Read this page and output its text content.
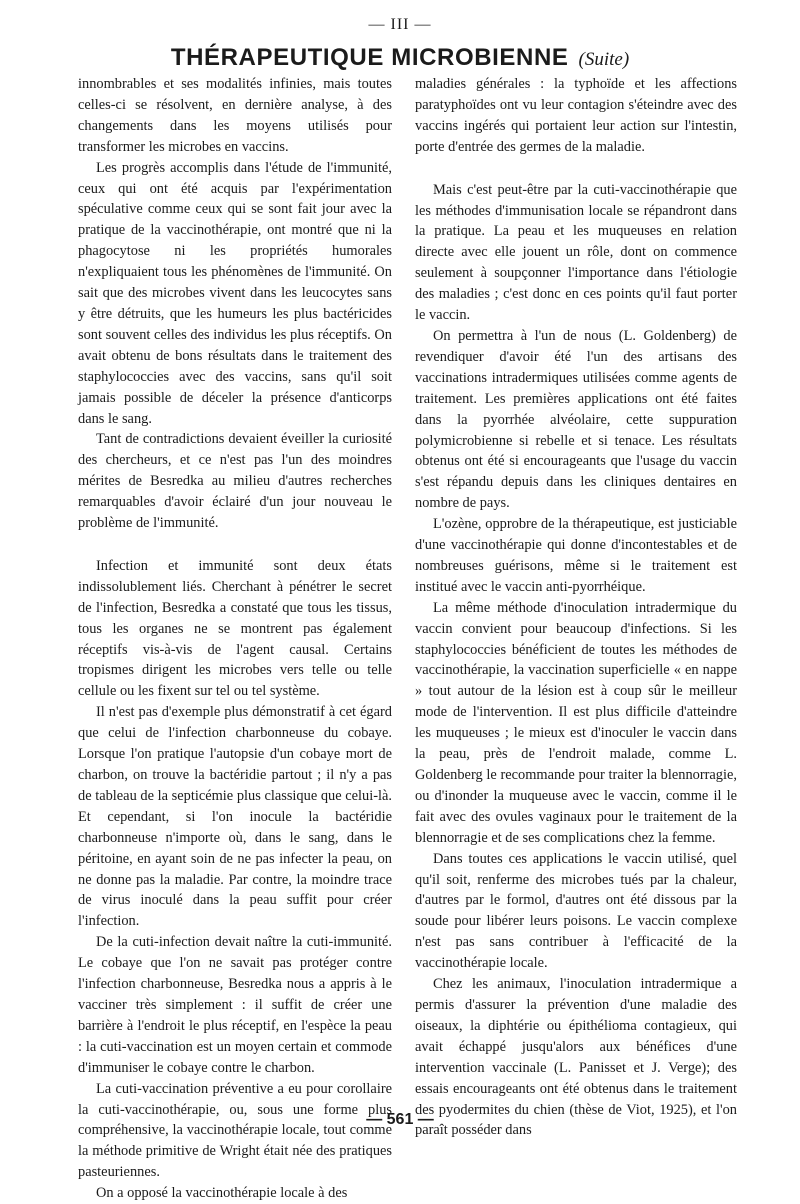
— III —
THÉRAPEUTIQUE MICROBIENNE (Suite)

innombrables et ses modalités infinies, mais toutes celles-ci se résolvent, en dernière analyse, à des changements dans les moyens utilisés pour transformer les microbes en vaccins.

Les progrès accomplis dans l'étude de l'immunité, ceux qui ont été acquis par l'expérimentation spéculative comme ceux qui se sont fait jour avec la pratique de la vaccinothérapie, ont montré que ni la phagocytose ni les propriétés humorales n'expliquaient tous les phénomènes de l'immunité. On sait que des microbes vivent dans les leucocytes sans y être détruits, que les humeurs les plus bactéricides sont souvent celles des individus les plus réceptifs. On avait obtenu de bons résultats dans le traitement des staphylococcies avec des vaccins, sans qu'il soit jamais possible de déceler la présence d'anticorps dans le sang.

Tant de contradictions devaient éveiller la curiosité des chercheurs, et ce n'est pas l'un des moindres mérites de Besredka au milieu d'autres recherches remarquables d'avoir éclairé d'un jour nouveau le problème de l'immunité.

Infection et immunité sont deux états indissolublement liés. Cherchant à pénétrer le secret de l'infection, Besredka a constaté que tous les tissus, tous les organes ne se montrent pas également réceptifs vis-à-vis de l'agent causal. Certains tropismes dirigent les microbes vers telle ou telle cellule ou les fixent sur tel ou tel système.

Il n'est pas d'exemple plus démonstratif à cet égard que celui de l'infection charbonneuse du cobaye. Lorsque l'on pratique l'autopsie d'un cobaye mort de charbon, on trouve la bactéridie partout ; il n'y a pas de tableau de la septicémie plus classique que celui-là. Et cependant, si l'on inocule la bactéridie charbonneuse n'importe où, dans le sang, dans le péritoine, en ayant soin de ne pas infecter la peau, on ne donne pas la maladie. Par contre, la moindre trace de virus inoculé dans la peau suffit pour créer l'infection.

De la cuti-infection devait naître la cuti-immunité. Le cobaye que l'on ne savait pas protéger contre l'infection charbonneuse, Besredka nous a appris à le vacciner très simplement : il suffit de créer une barrière à l'endroit le plus réceptif, en l'espèce la peau : la cuti-vaccination est un moyen certain et commode d'immuniser le cobaye contre le charbon.

La cuti-vaccination préventive a eu pour corollaire la cuti-vaccinothérapie, ou, sous une forme plus compréhensive, la vaccinothérapie locale, tout comme la méthode primitive de Wright était née des pratiques pasteuriennes.

On a opposé la vaccinothérapie locale à des

maladies générales : la typhoïde et les affections paratyphoïdes ont vu leur contagion s'éteindre avec des vaccins ingérés qui portaient leur action sur l'intestin, porte d'entrée des germes de la maladie.

Mais c'est peut-être par la cuti-vaccinothérapie que les méthodes d'immunisation locale se répandront dans la pratique. La peau et les muqueuses en relation directe avec elle jouent un rôle, dont on commence seulement à soupçonner l'importance dans l'étiologie des maladies ; c'est donc en ces points qu'il faut porter le vaccin.

On permettra à l'un de nous (L. Goldenberg) de revendiquer d'avoir été l'un des artisans des vaccinations intradermiques utilisées comme agents de traitement. Les premières applications ont été faites dans la pyorrhée alvéolaire, cette suppuration polymicrobienne si rebelle et si tenace. Les résultats obtenus ont été si encourageants que l'usage du vaccin s'est répandu depuis dans les cliniques dentaires en nombre de pays.

L'ozène, opprobre de la thérapeutique, est justiciable d'une vaccinothérapie qui donne d'incontestables et de nombreuses guérisons, même si le traitement est institué avec le vaccin anti-pyorrhéique.

La même méthode d'inoculation intradermique du vaccin convient pour beaucoup d'infections. Si les staphylococcies bénéficient de toutes les méthodes de vaccinothérapie, la vaccination superficielle « en nappe » tout autour de la lésion est à coup sûr le meilleur mode de l'intervention. Il est plus difficile d'atteindre les muqueuses ; le mieux est d'inoculer le vaccin dans la peau, près de l'endroit malade, comme L. Goldenberg le recommande pour traiter la blennorragie, ou d'inonder la muqueuse avec le vaccin, comme il le fait avec des ovules vaginaux pour le traitement de la blennorragie et de ses complications chez la femme.

Dans toutes ces applications le vaccin utilisé, quel qu'il soit, renferme des microbes tués par la chaleur, d'autres par le formol, d'autres ont été dissous par la soude pour libérer leurs poisons. Le vaccin complexe n'est pas sans contribuer à l'efficacité de la vaccinothérapie locale.

Chez les animaux, l'inoculation intradermique a permis d'assurer la prévention d'une maladie des oiseaux, la diphtérie ou épithélioma contagieux, qui avait échappé jusqu'alors aux bénéfices d'une intervention vaccinale (L. Panisset et J. Verge); des essais encourageants ont été obtenus dans le traitement des pyodermites du chien (thèse de Viot, 1925), et l'on paraît posséder dans

— 561 —
